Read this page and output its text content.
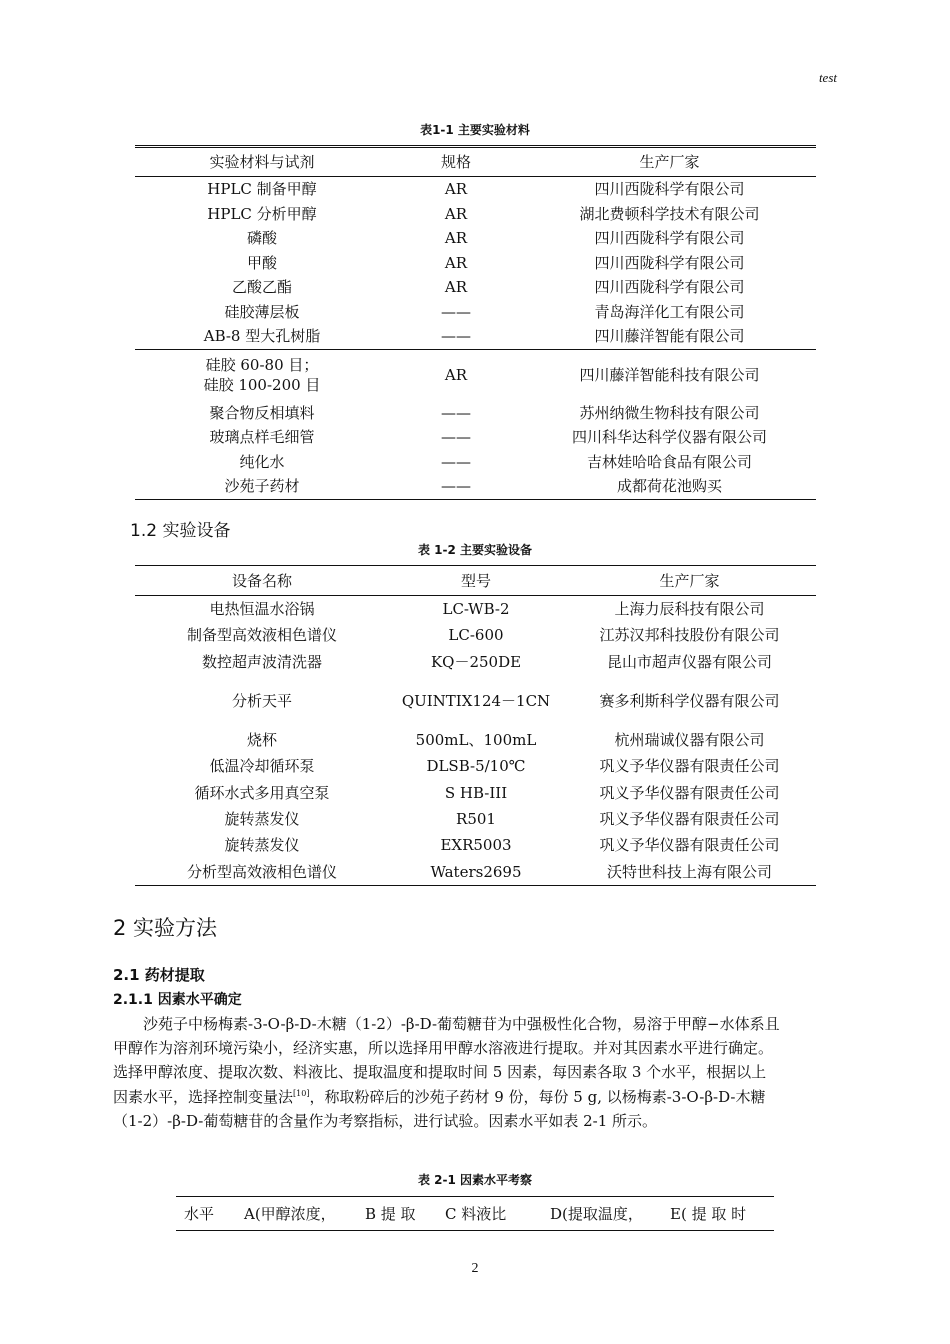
test
表1-1 主要实验材料
实验材料与试剂	规格	生产厂家
HPLC 制备甲醇	AR	四川西陇科学有限公司
HPLC 分析甲醇	AR	湖北费顿科学技术有限公司
磷酸	AR	四川西陇科学有限公司
甲酸	AR	四川西陇科学有限公司
乙酸乙酯	AR	四川西陇科学有限公司
硅胶薄层板	——	青岛海洋化工有限公司
AB-8 型大孔树脂	——	四川藤洋智能有限公司
硅胶 60-80 目；
硅胶 100-200 目	AR	四川藤洋智能科技有限公司
聚合物反相填料	——	苏州纳微生物科技有限公司
玻璃点样毛细管	——	四川科华达科学仪器有限公司
纯化水	——	吉林娃哈哈食品有限公司
沙苑子药材	——	成都荷花池购买
1.2 实验设备
表 1-2 主要实验设备
设备名称	型号	生产厂家
电热恒温水浴锅	LC-WB-2	上海力辰科技有限公司
制备型高效液相色谱仪	LC-600	江苏汉邦科技股份有限公司
数控超声波清洗器	KQ－250DE	昆山市超声仪器有限公司
分析天平	QUINTIX124－1CN	赛多利斯科学仪器有限公司
烧杯	500mL、100mL	杭州瑞诚仪器有限公司
低温冷却循环泵	DLSB-5/10℃	巩义予华仪器有限责任公司
循环水式多用真空泵	S HB-III	巩义予华仪器有限责任公司
旋转蒸发仪	R501	巩义予华仪器有限责任公司
旋转蒸发仪	EXR5003	巩义予华仪器有限责任公司
分析型高效液相色谱仪	Waters2695	沃特世科技上海有限公司
2 实验方法
2.1 药材提取
2.1.1 因素水平确定
沙苑子中杨梅素-3-O-β-D-木糖（1-2）-β-D-葡萄糖苷为中强极性化合物，易溶于甲醇−水体系且
甲醇作为溶剂环境污染小，经济实惠，所以选择用甲醇水溶液进行提取。并对其因素水平进行确定。
选择甲醇浓度、提取次数、料液比、提取温度和提取时间 5 因素，每因素各取 3 个水平，根据以上
因素水平，选择控制变量法[10]，称取粉碎后的沙苑子药材 9 份，每份 5 g, 以杨梅素-3-O-β-D-木糖
（1-2）-β-D-葡萄糖苷的含量作为考察指标，进行试验。因素水平如表 2-1 所示。
表 2-1 因素水平考察
水平	A(甲醇浓度，	B 提 取	C 料液比	D(提取温度，	E( 提 取 时
2
